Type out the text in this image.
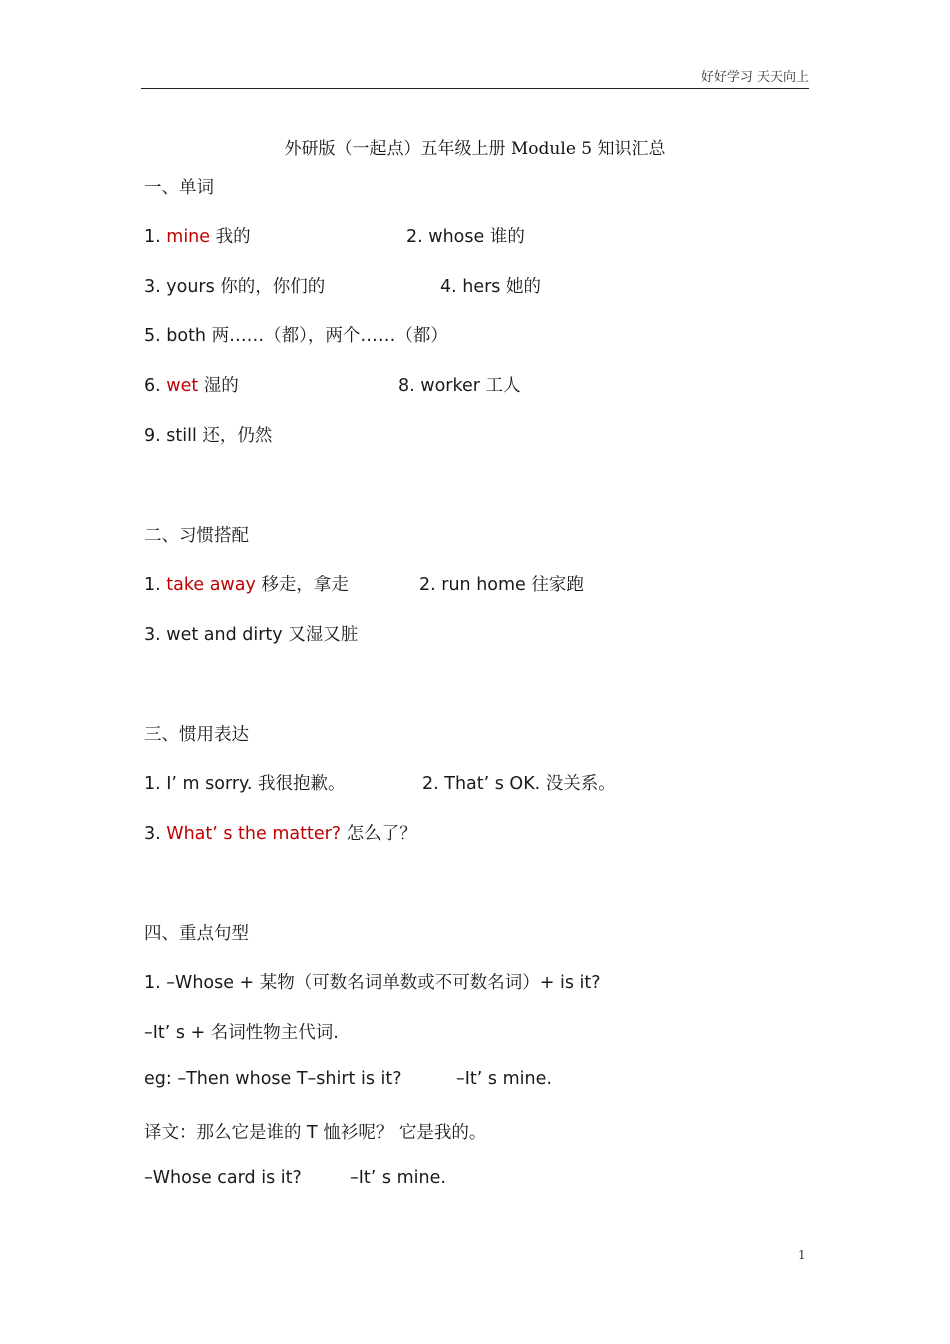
好好学习 天天向上
外研版（一起点）五年级上册 Module 5 知识汇总
一、单词
1. mine 我的	2. whose 谁的
3. yours 你的，你们的	4. hers 她的
5. both 两……（都），两个……（都）
6. wet 湿的	8. worker 工人
9. still 还，仍然
二、习惯搭配
1. take away 移走，拿走	2. run home 往家跑
3. wet and dirty 又湿又脏
三、惯用表达
1. I’ m sorry. 我很抱歉。	2. That’ s OK. 没关系。
3. What’ s the matter? 怎么了？
四、重点句型
1. –Whose + 某物（可数名词单数或不可数名词）+ is it?
–It’ s + 名词性物主代词.
eg: –Then whose T–shirt is it?	–It’ s mine.
译文：那么它是谁的 T 恤衫呢？ 它是我的。
–Whose card is it?	–It’ s mine.
1
